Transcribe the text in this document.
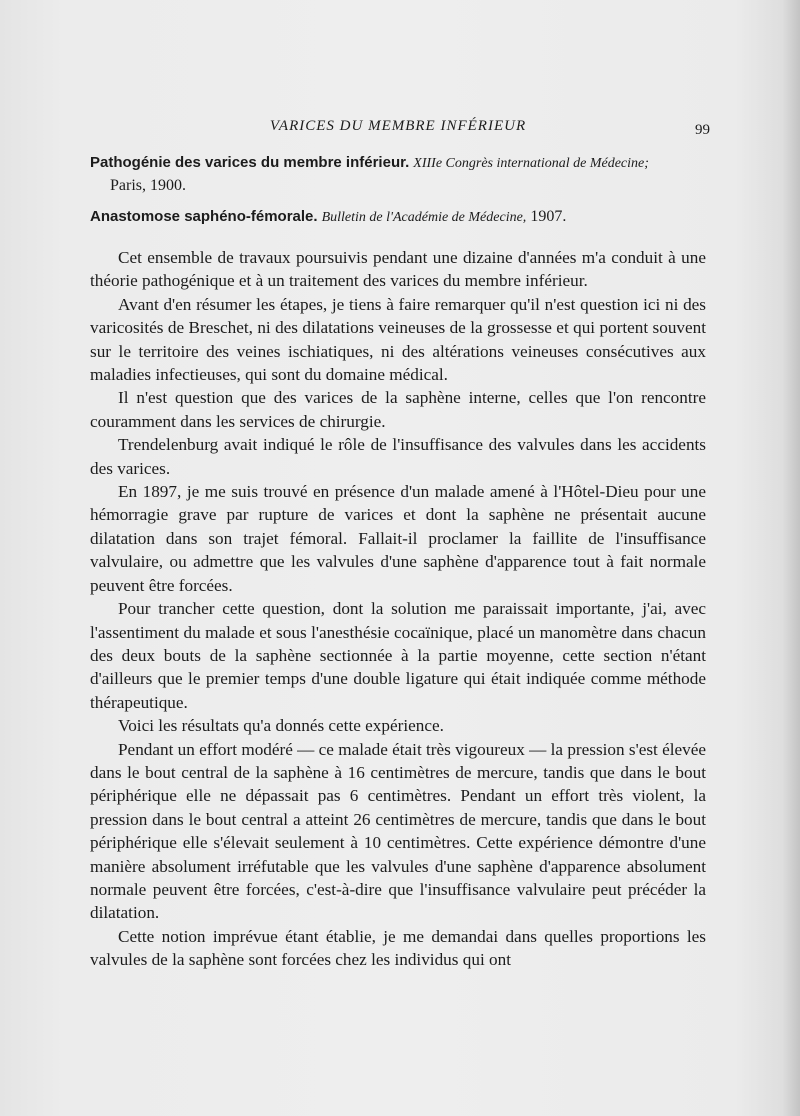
VARICES DU MEMBRE INFÉRIEUR	99
Pathogénie des varices du membre inférieur. XIIIe Congrès international de Médecine;
Paris, 1900.
Anastomose saphéno-fémorale. Bulletin de l'Académie de Médecine, 1907.

Cet ensemble de travaux poursuivis pendant une dizaine d'années m'a conduit à une théorie pathogénique et à un traitement des varices du membre inférieur.

Avant d'en résumer les étapes, je tiens à faire remarquer qu'il n'est question ici ni des varicosités de Breschet, ni des dilatations veineuses de la grossesse et qui portent souvent sur le territoire des veines ischiatiques, ni des altérations veineuses consécutives aux maladies infectieuses, qui sont du domaine médical.

Il n'est question que des varices de la saphène interne, celles que l'on rencontre couramment dans les services de chirurgie.

Trendelenburg avait indiqué le rôle de l'insuffisance des valvules dans les accidents des varices.

En 1897, je me suis trouvé en présence d'un malade amené à l'Hôtel-Dieu pour une hémorragie grave par rupture de varices et dont la saphène ne présentait aucune dilatation dans son trajet fémoral. Fallait-il proclamer la faillite de l'insuffisance valvulaire, ou admettre que les valvules d'une saphène d'apparence tout à fait normale peuvent être forcées.

Pour trancher cette question, dont la solution me paraissait importante, j'ai, avec l'assentiment du malade et sous l'anesthésie cocaïnique, placé un manomètre dans chacun des deux bouts de la saphène sectionnée à la partie moyenne, cette section n'étant d'ailleurs que le premier temps d'une double ligature qui était indiquée comme méthode thérapeutique.

Voici les résultats qu'a donnés cette expérience.

Pendant un effort modéré — ce malade était très vigoureux — la pression s'est élevée dans le bout central de la saphène à 16 centimètres de mercure, tandis que dans le bout périphérique elle ne dépassait pas 6 centimètres. Pendant un effort très violent, la pression dans le bout central a atteint 26 centimètres de mercure, tandis que dans le bout périphérique elle s'élevait seulement à 10 centimètres. Cette expérience démontre d'une manière absolument irréfutable que les valvules d'une saphène d'apparence absolument normale peuvent être forcées, c'est-à-dire que l'insuffisance valvulaire peut précéder la dilatation.

Cette notion imprévue étant établie, je me demandai dans quelles proportions les valvules de la saphène sont forcées chez les individus qui ont
